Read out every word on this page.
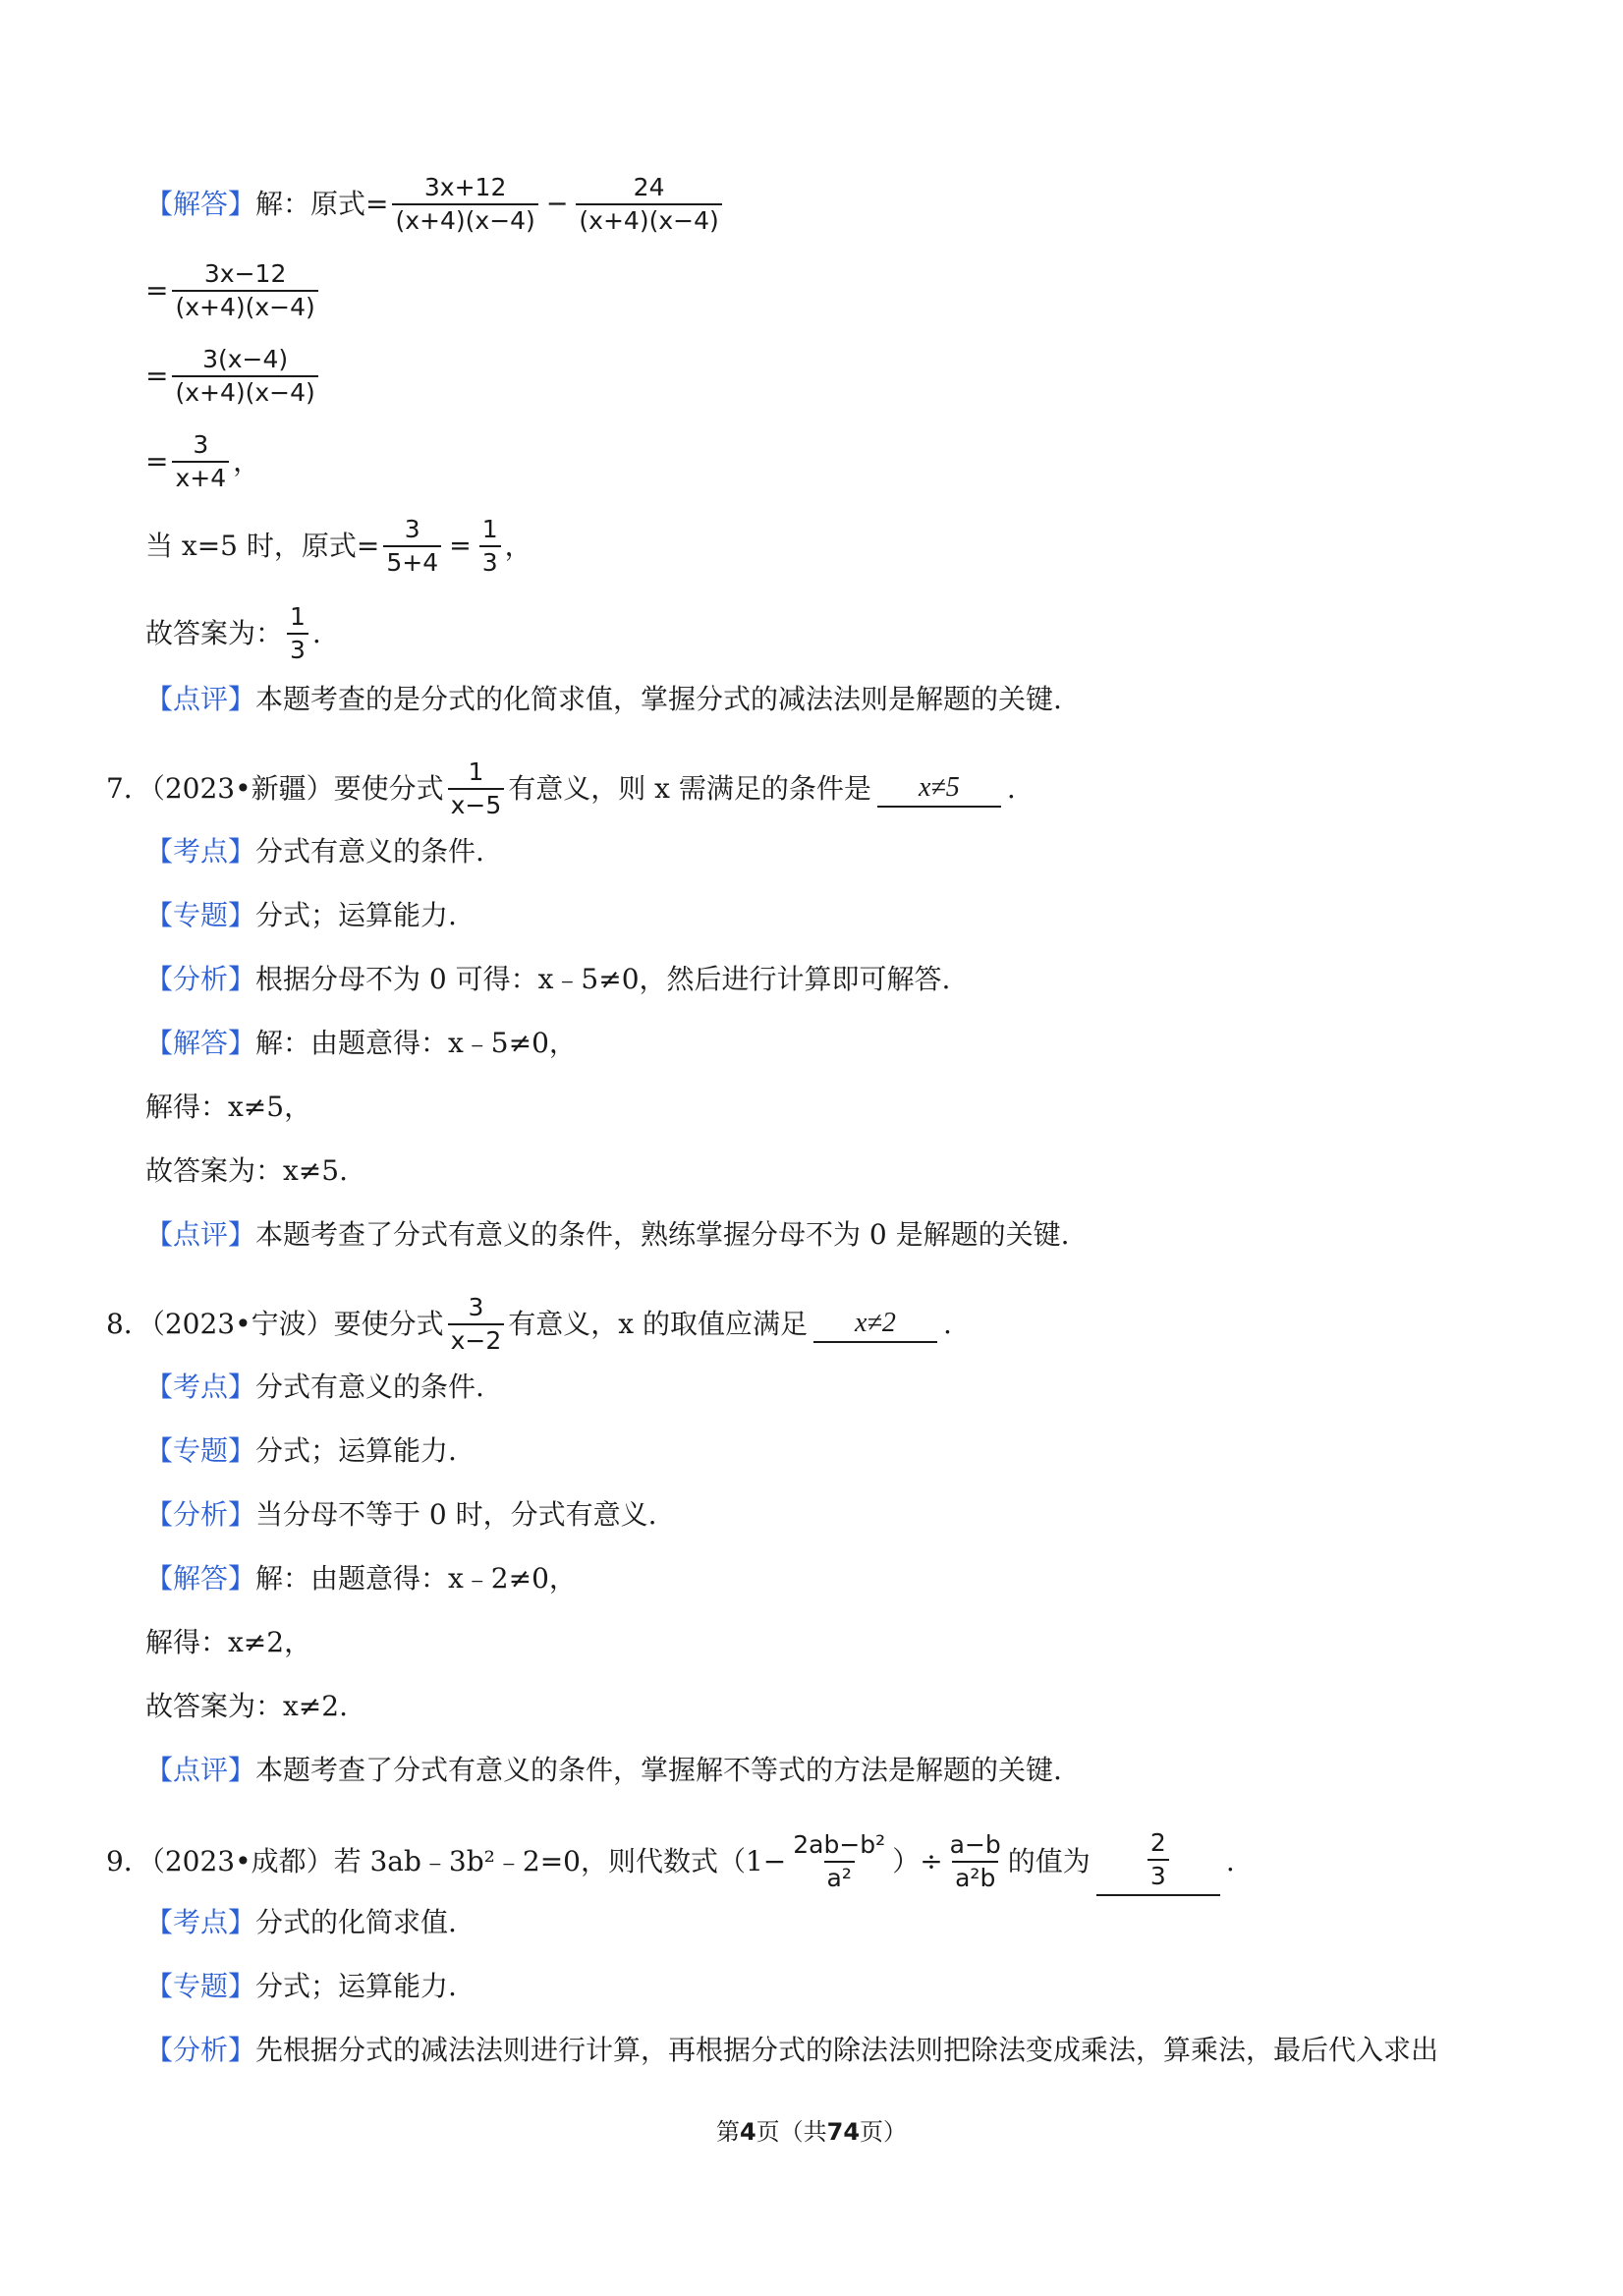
【解答】 解：原式= $\frac{3x+12}{(x+4)(x-4)} - \frac{24}{(x+4)(x-4)}$
= $\frac{3x-12}{(x+4)(x-4)}$
= $\frac{3(x-4)}{(x+4)(x-4)}$
= $\frac{3}{x+4}$ ，
当 x=5 时，原式= $\frac{3}{5+4} = \frac{1}{3}$ ，
故答案为： $\frac{1}{3}$ .
【点评】 本题考查的是分式的化简求值，掌握分式的减法法则是解题的关键.
7．（2023•新疆）要使分式 $\frac{1}{x-5}$ 有意义，则 x 需满足的条件是	x≠5	.
【考点】 分式有意义的条件.
【专题】 分式；运算能力.
【分析】 根据分母不为 0 可得：x﹣5≠0，然后进行计算即可解答.
【解答】 解：由题意得：x﹣5≠0，
解得：x≠5，
故答案为：x≠5.
【点评】 本题考查了分式有意义的条件，熟练掌握分母不为 0 是解题的关键.
8．（2023•宁波）要使分式 $\frac{3}{x-2}$ 有意义，x 的取值应满足	x≠2	.
【考点】 分式有意义的条件.
【专题】 分式；运算能力.
【分析】 当分母不等于 0 时，分式有意义.
【解答】 解：由题意得：x﹣2≠0，
解得：x≠2，
故答案为：x≠2.
【点评】 本题考查了分式有意义的条件，掌握解不等式的方法是解题的关键.
9．（2023•成都）若 3ab﹣3b²﹣2=0，则代数式（$1- \frac{\text{2ab−b²}}{\text{a²}}$ ）÷ $\frac{a-b}{\text{a²b}}$ 的值为 $\frac{2}{3}$ .
【考点】 分式的化简求值.
【专题】 分式；运算能力.
【分析】 先根据分式的减法法则进行计算，再根据分式的除法法则把除法变成乘法，算乘法，最后代入求出
第4页（共74页）
